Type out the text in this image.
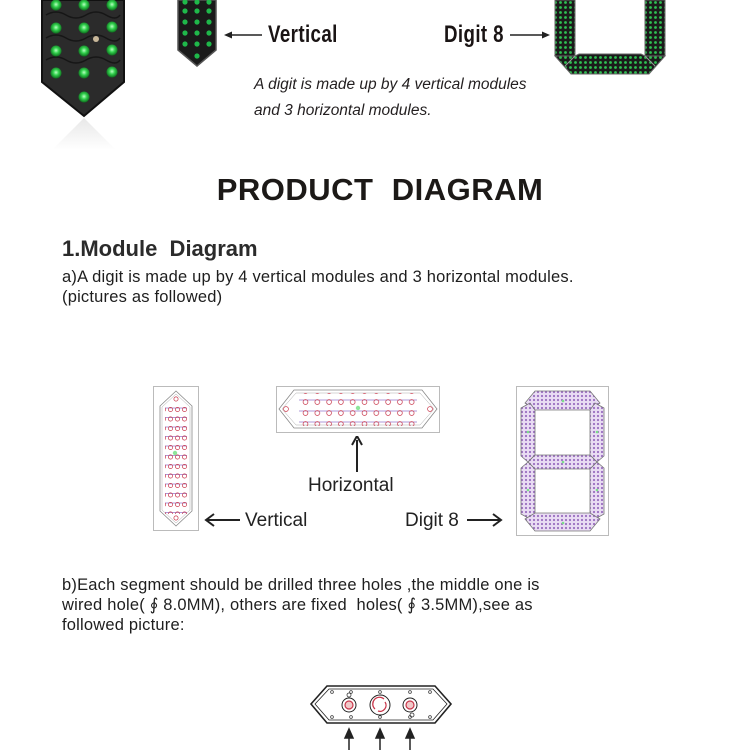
Vertical	Digit 8
A digit is made up by 4 vertical modules
and 3 horizontal modules.
PRODUCT  DIAGRAM
1.Module  Diagram
a)A digit is made up by 4 vertical modules and 3 horizontal modules.
(pictures as followed)
Horizontal
Vertical	Digit 8
b)Each segment should be drilled three holes ,the middle one is
wired hole( ∮ 8.0MM), others are fixed  holes( ∮ 3.5MM),see as
followed picture:
